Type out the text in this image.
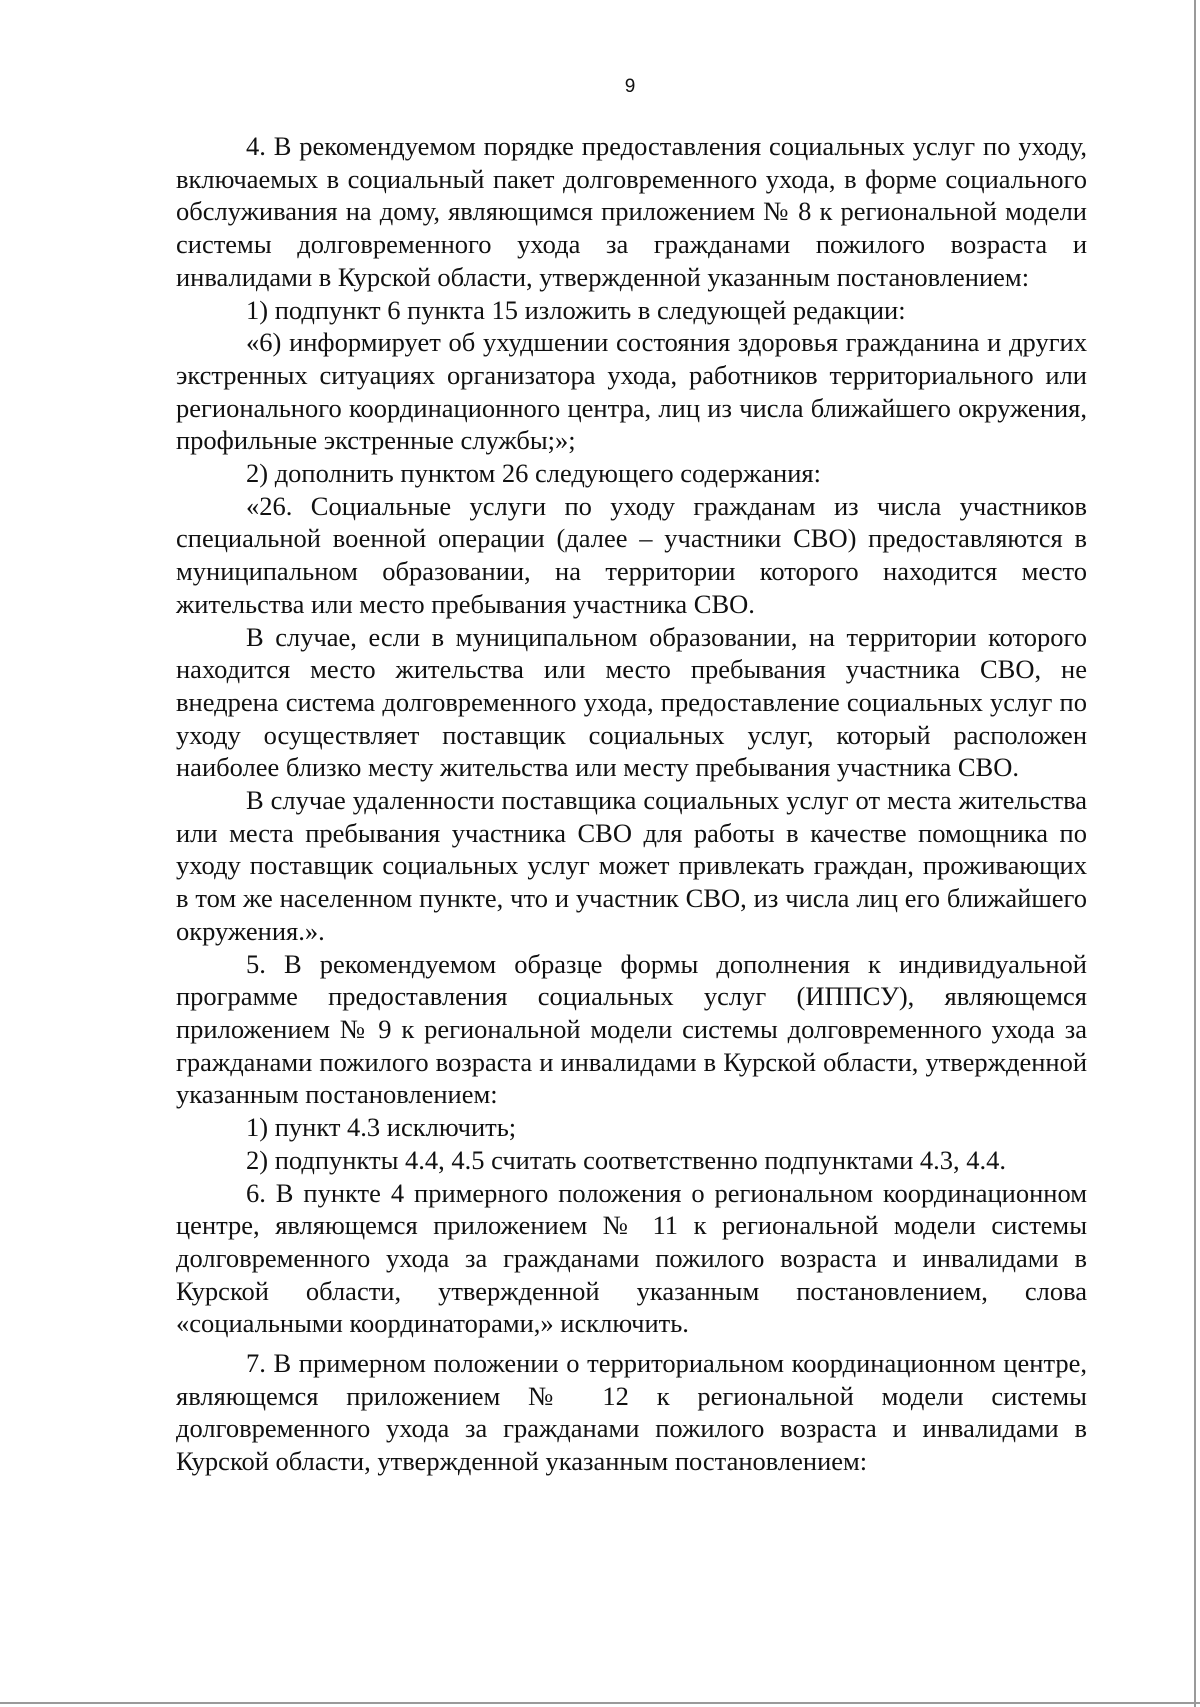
9

4. В рекомендуемом порядке предоставления социальных услуг по уходу, включаемых в социальный пакет долговременного ухода, в форме социального обслуживания на дому, являющимся приложением № 8 к региональной модели системы долговременного ухода за гражданами пожилого возраста и инвалидами в Курской области, утвержденной указанным постановлением:

1) подпункт 6 пункта 15 изложить в следующей редакции:

«6) информирует об ухудшении состояния здоровья гражданина и других экстренных ситуациях организатора ухода, работников территориального или регионального координационного центра, лиц из числа ближайшего окружения, профильные экстренные службы;»;

2) дополнить пунктом 26 следующего содержания:

«26. Социальные услуги по уходу гражданам из числа участников специальной военной операции (далее – участники СВО) предоставляются в муниципальном образовании, на территории которого находится место жительства или место пребывания участника СВО.

В случае, если в муниципальном образовании, на территории которого находится место жительства или место пребывания участника СВО, не внедрена система долговременного ухода, предоставление социальных услуг по уходу осуществляет поставщик социальных услуг, который расположен наиболее близко месту жительства или месту пребывания участника СВО.

В случае удаленности поставщика социальных услуг от места жительства или места пребывания участника СВО для работы в качестве помощника по уходу поставщик социальных услуг может привлекать граждан, проживающих в том же населенном пункте, что и участник СВО, из числа лиц его ближайшего окружения.».

5. В рекомендуемом образце формы дополнения к индивидуальной программе предоставления социальных услуг (ИППСУ), являющемся приложением № 9 к региональной модели системы долговременного ухода за гражданами пожилого возраста и инвалидами в Курской области, утвержденной указанным постановлением:

1) пункт 4.3 исключить;

2) подпункты 4.4, 4.5 считать соответственно подпунктами 4.3, 4.4.

6. В пункте 4 примерного положения о региональном координационном центре, являющемся приложением № 11 к региональной модели системы долговременного ухода за гражданами пожилого возраста и инвалидами в Курской области, утвержденной указанным постановлением, слова «социальными координаторами,» исключить.

7. В примерном положении о территориальном координационном центре, являющемся приложением № 12 к региональной модели системы долговременного ухода за гражданами пожилого возраста и инвалидами в Курской области, утвержденной указанным постановлением:
